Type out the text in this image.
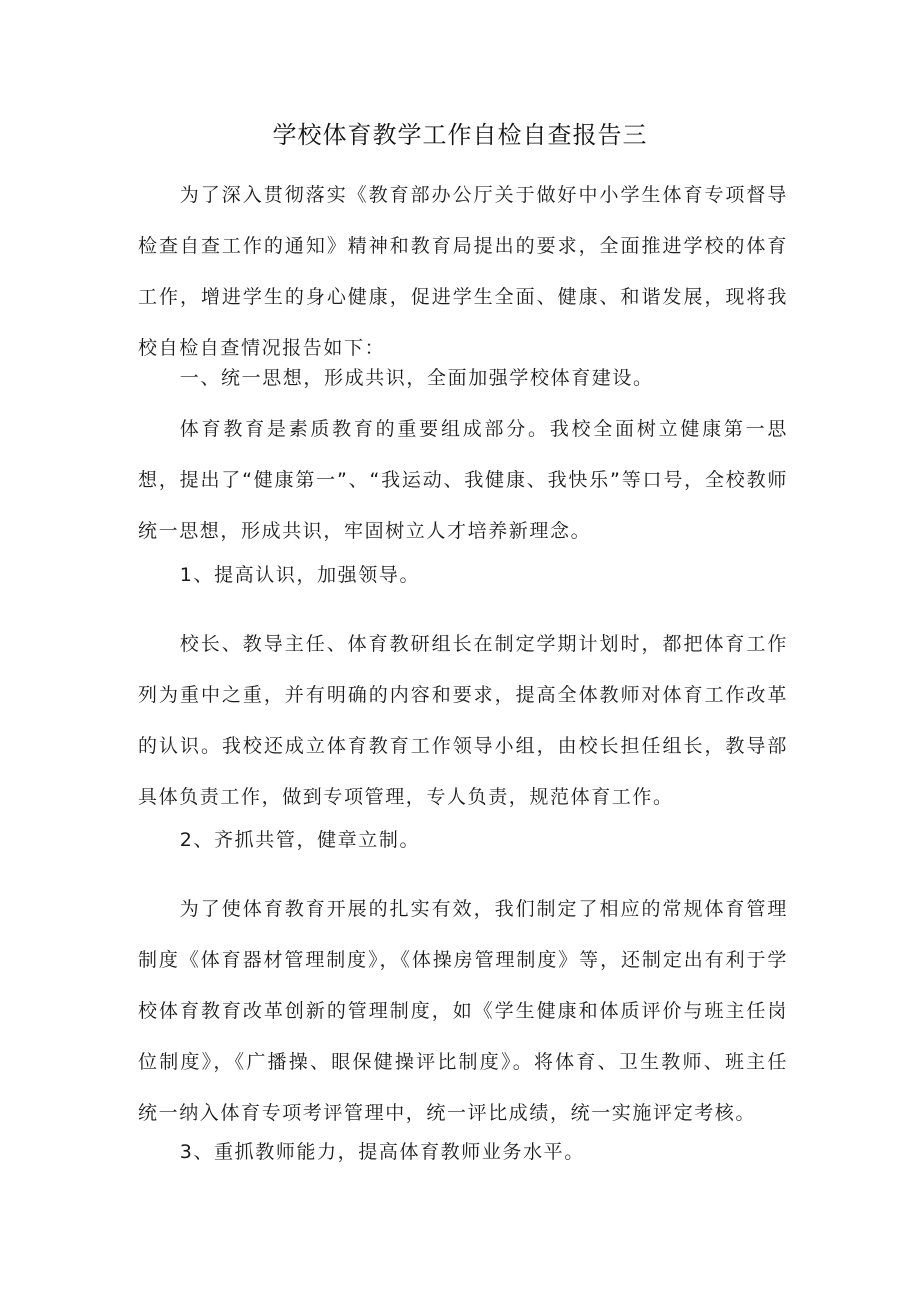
学校体育教学工作自检自查报告三

为了深入贯彻落实《教育部办公厅关于做好中小学生体育专项督导检查自查工作的通知》精神和教育局提出的要求，全面推进学校的体育工作，增进学生的身心健康，促进学生全面、健康、和谐发展，现将我校自检自查情况报告如下：

一、统一思想，形成共识，全面加强学校体育建设。

体育教育是素质教育的重要组成部分。我校全面树立健康第一思想，提出了“健康第一”、“我运动、我健康、我快乐”等口号，全校教师统一思想，形成共识，牢固树立人才培养新理念。

1、提高认识，加强领导。

校长、教导主任、体育教研组长在制定学期计划时，都把体育工作列为重中之重，并有明确的内容和要求，提高全体教师对体育工作改革的认识。我校还成立体育教育工作领导小组，由校长担任组长，教导部具体负责工作，做到专项管理，专人负责，规范体育工作。

2、齐抓共管，健章立制。

为了使体育教育开展的扎实有效，我们制定了相应的常规体育管理制度《体育器材管理制度》，《体操房管理制度》等，还制定出有利于学校体育教育改革创新的管理制度，如《学生健康和体质评价与班主任岗位制度》，《广播操、眼保健操评比制度》。将体育、卫生教师、班主任统一纳入体育专项考评管理中，统一评比成绩，统一实施评定考核。

3、重抓教师能力，提高体育教师业务水平。
